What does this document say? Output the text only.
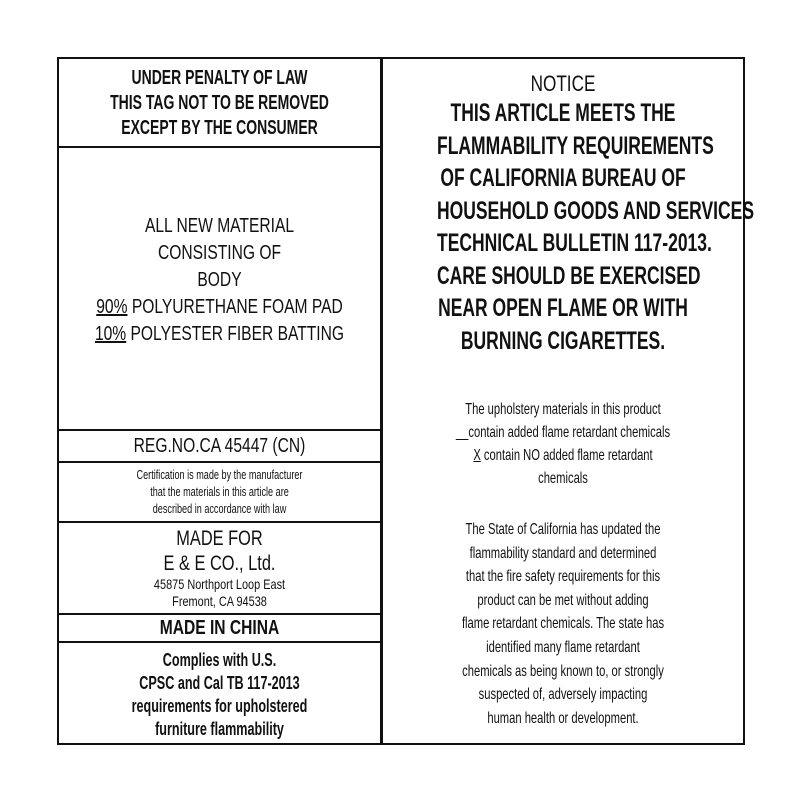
UNDER PENALTY OF LAW
THIS TAG NOT TO BE REMOVED
EXCEPT BY THE CONSUMER
ALL NEW MATERIAL
CONSISTING OF
BODY
90% POLYURETHANE FOAM PAD
10% POLYESTER FIBER BATTING
REG.NO.CA 45447 (CN)
Certification is made by the manufacturer
that the materials in this article are
described in accordance with law
MADE FOR
E & E CO., Ltd.
45875 Northport Loop East
Fremont, CA 94538
MADE IN CHINA
Complies with U.S.
CPSC and Cal TB 117-2013
requirements for upholstered
furniture flammability
NOTICE
THIS ARTICLE MEETS THE
FLAMMABILITY REQUIREMENTS
OF CALIFORNIA BUREAU OF
HOUSEHOLD GOODS AND SERVICES
TECHNICAL BULLETIN 117-2013.
CARE SHOULD BE EXERCISED
NEAR OPEN FLAME OR WITH
BURNING CIGARETTES.
The upholstery materials in this product
__contain added flame retardant chemicals
X contain NO added flame retardant
chemicals
The State of California has updated the
flammability standard and determined
that the fire safety requirements for this
product can be met without adding
flame retardant chemicals. The state has
identified many flame retardant
chemicals as being known to, or strongly
suspected of, adversely impacting
human health or development.
